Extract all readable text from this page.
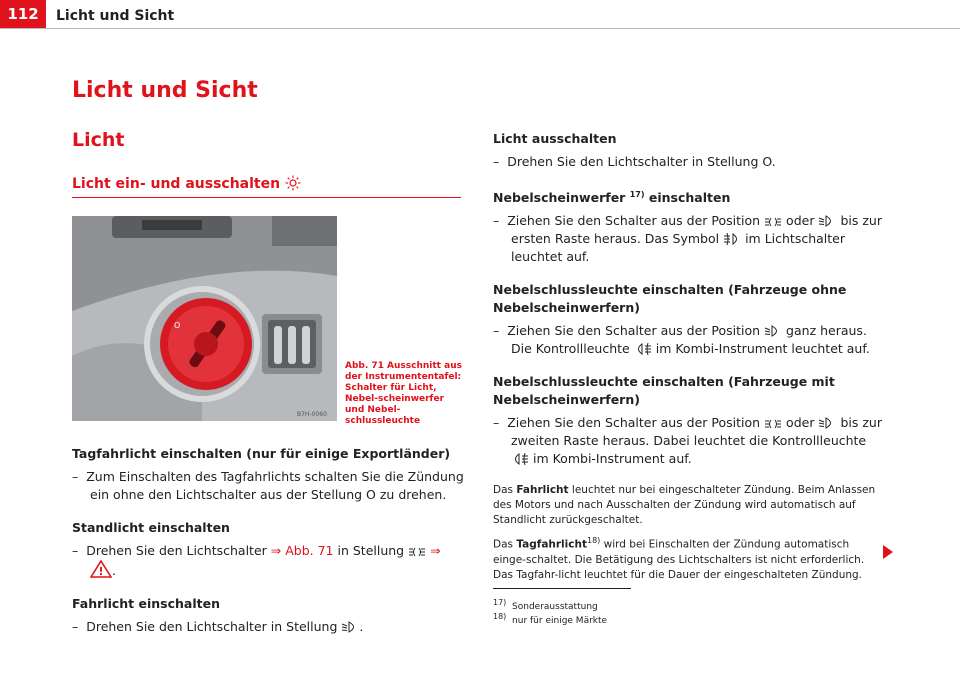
112	Licht und Sicht
Licht und Sicht
Licht
Licht ein- und ausschalten
O
B7H-0060
Abb. 71 Ausschnitt aus der Instrumententafel: Schalter für Licht, Nebel-scheinwerfer und Nebel-schlussleuchte
Tagfahrlicht einschalten (nur für einige Exportländer)
–  Zum Einschalten des Tagfahrlichts schalten Sie die Zündung ein ohne den Lichtschalter aus der Stellung O zu drehen.
Standlicht einschalten
–  Drehen Sie den Lichtschalter ⇒ Abb. 71 in Stellung ⇒
! .
Fahrlicht einschalten
–  Drehen Sie den Lichtschalter in Stellung .
Licht ausschalten
–  Drehen Sie den Lichtschalter in Stellung O.
Nebelscheinwerfer $^{17)}$ einschalten
–  Ziehen Sie den Schalter aus der Position oder bis zur ersten Raste heraus. Das Symbol im Lichtschalter leuchtet auf.
Nebelschlussleuchte einschalten (Fahrzeuge ohne Nebelscheinwerfern)
–  Ziehen Sie den Schalter aus der Position ganz heraus. Die Kontrollleuchte im Kombi-Instrument leuchtet auf.
Nebelschlussleuchte einschalten (Fahrzeuge mit Nebelscheinwerfern)
–  Ziehen Sie den Schalter aus der Position oder bis zur zweiten Raste heraus. Dabei leuchtet die Kontrollleuchte  im Kombi-Instrument auf.
Das Fahrlicht leuchtet nur bei eingeschalteter Zündung. Beim Anlassen des Motors und nach Ausschalten der Zündung wird automatisch auf Standlicht zurückgeschaltet.
Das Tagfahrlicht$^{18)}$ wird bei Einschalten der Zündung automatisch einge-schaltet. Die Betätigung des Lichtschalters ist nicht erforderlich. Das Tagfahr-licht leuchtet für die Dauer der eingeschalteten Zündung.
$^{17)}$ Sonderausstattung
$^{18)}$ nur für einige Märkte
